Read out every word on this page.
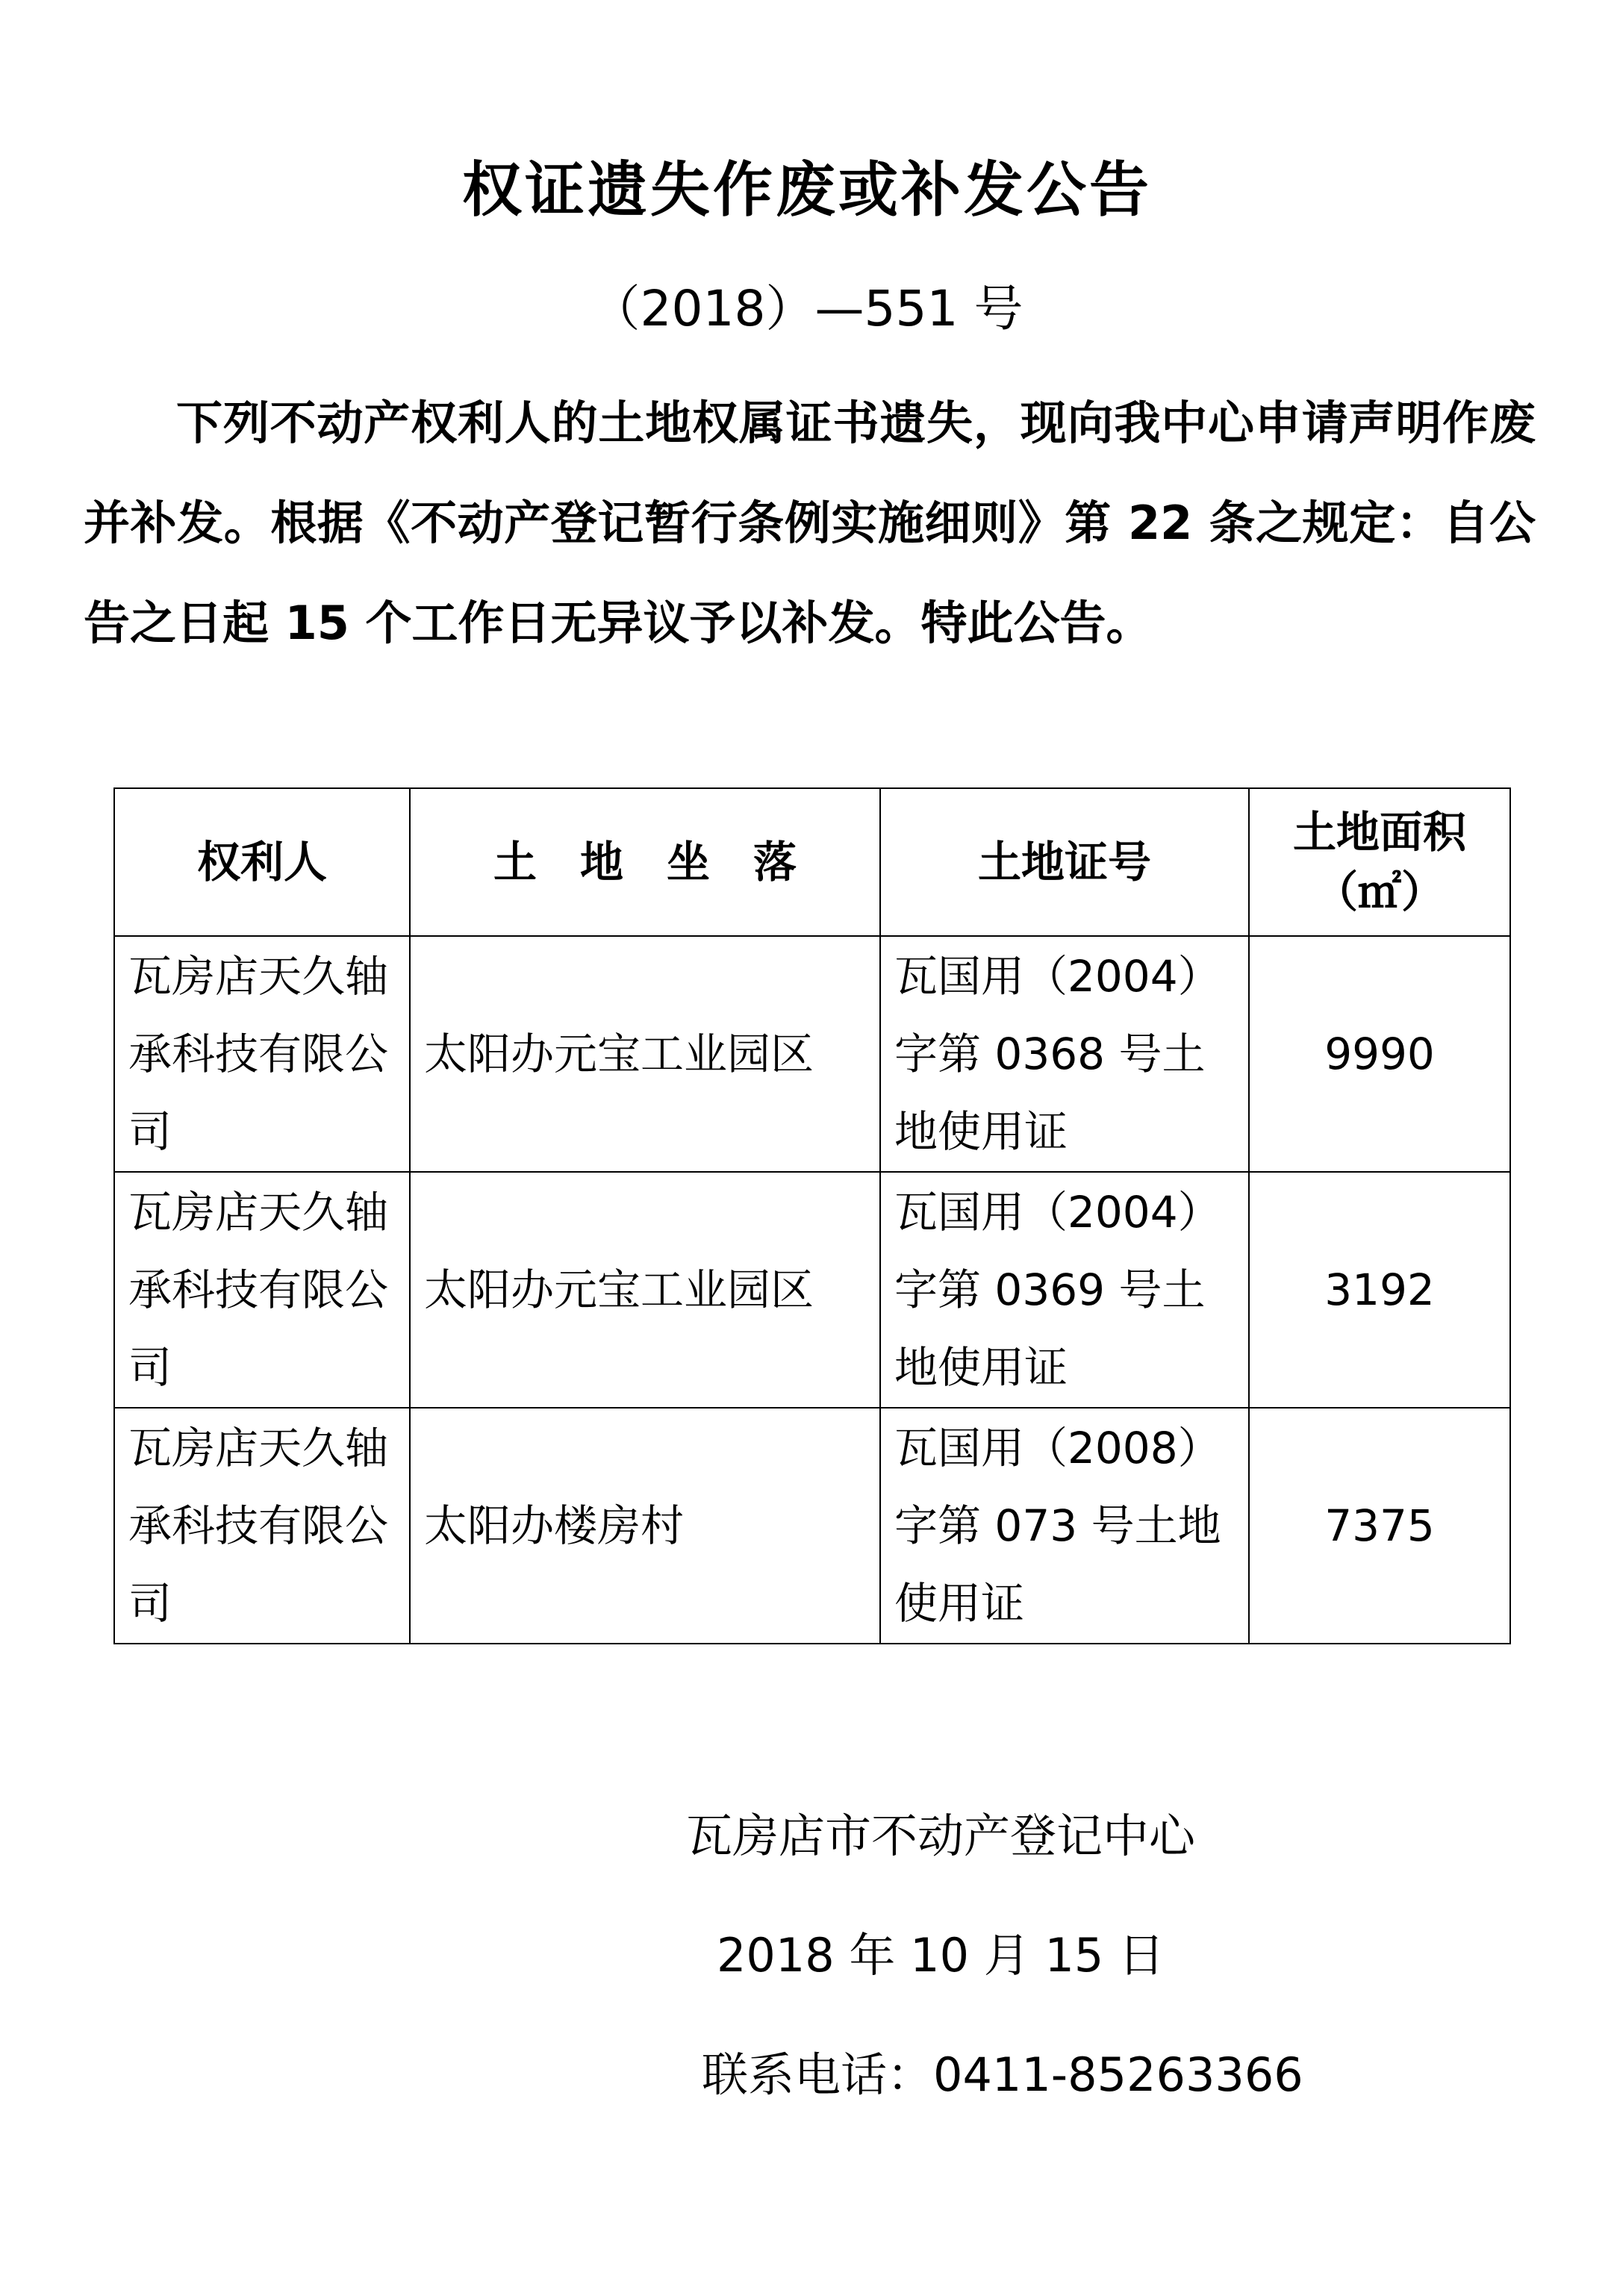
权证遗失作废或补发公告
（2018）—551 号

下列不动产权利人的土地权属证书遗失，现向我中心申请声明作废并补发。根据《不动产登记暂行条例实施细则》第 22 条之规定：自公告之日起 15 个工作日无异议予以补发。特此公告。

权利人	土　地　坐　落	土地证号	土地面积（㎡）
瓦房店天久轴承科技有限公司	太阳办元宝工业园区	瓦国用（2004）字第 0368 号土地使用证	9990
瓦房店天久轴承科技有限公司	太阳办元宝工业园区	瓦国用（2004）字第 0369 号土地使用证	3192
瓦房店天久轴承科技有限公司	太阳办楼房村	瓦国用（2008）字第 073 号土地使用证	7375
瓦房店市不动产登记中心
2018 年 10 月 15 日
联系电话：0411-85263366
